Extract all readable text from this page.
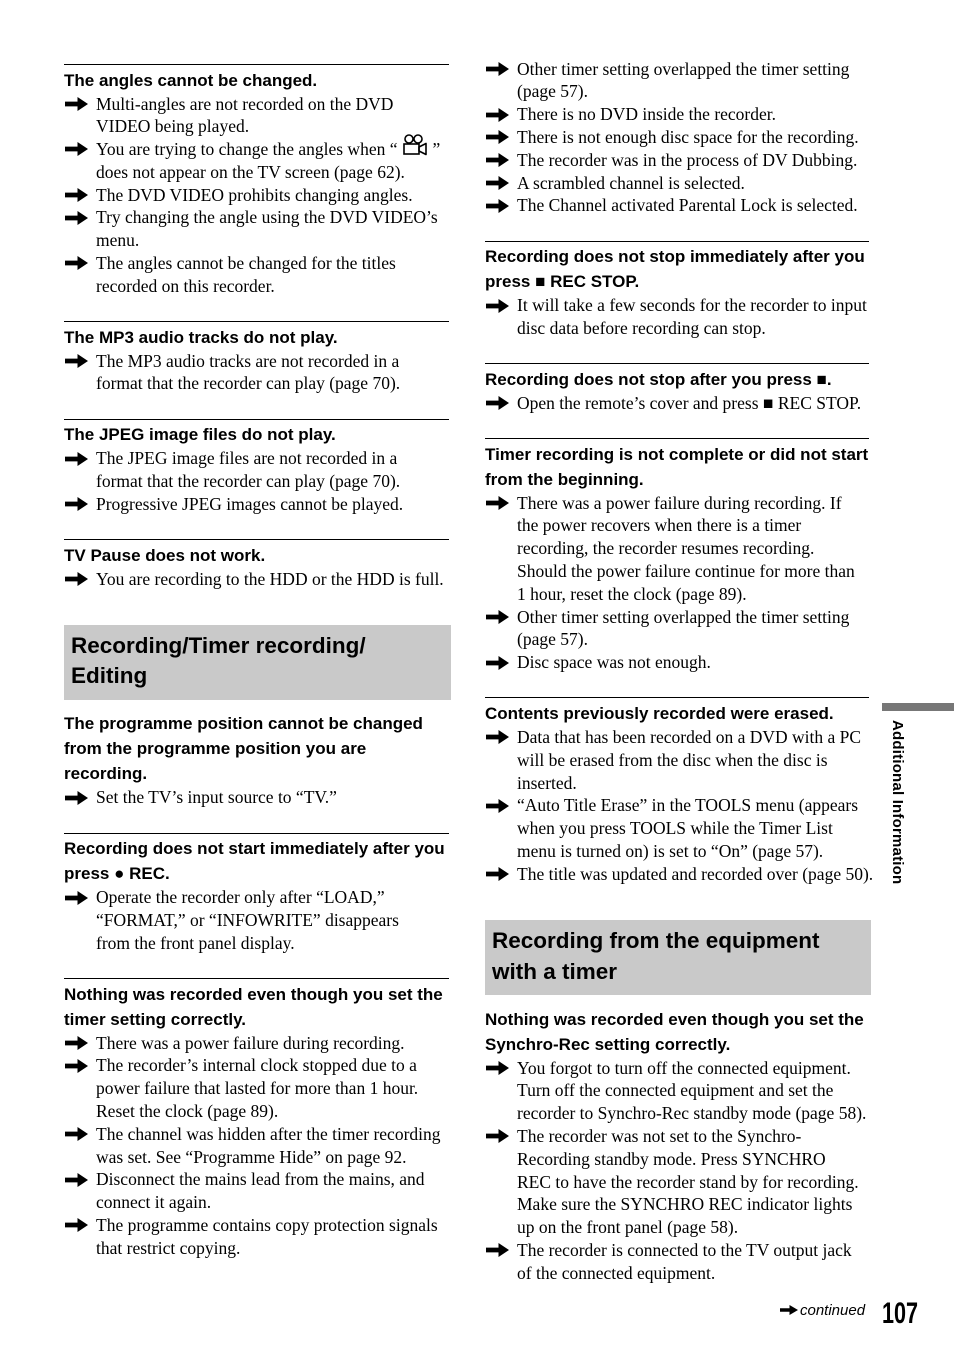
The angles cannot be changed.
Multi-angles are not recorded on the DVD
VIDEO being played.
You are trying to change the angles when “ ”
does not appear on the TV screen (page 62).
The DVD VIDEO prohibits changing angles.
Try changing the angle using the DVD VIDEO’s
menu.
The angles cannot be changed for the titles
recorded on this recorder.
The MP3 audio tracks do not play.
The MP3 audio tracks are not recorded in a
format that the recorder can play (page 70).
The JPEG image files do not play.
The JPEG image files are not recorded in a
format that the recorder can play (page 70).
Progressive JPEG images cannot be played.
TV Pause does not work.
You are recording to the HDD or the HDD is full.
Recording/Timer recording/
Editing
The programme position cannot be changed
from the programme position you are
recording.
Set the TV’s input source to “TV.”
Recording does not start immediately after you
press ● REC.
Operate the recorder only after “LOAD,”
“FORMAT,” or “INFOWRITE” disappears
from the front panel display.
Nothing was recorded even though you set the
timer setting correctly.
There was a power failure during recording.
The recorder’s internal clock stopped due to a
power failure that lasted for more than 1 hour.
Reset the clock (page 89).
The channel was hidden after the timer recording
was set. See “Programme Hide” on page 92.
Disconnect the mains lead from the mains, and
connect it again.
The programme contains copy protection signals
that restrict copying.
Other timer setting overlapped the timer setting
(page 57).
There is no DVD inside the recorder.
There is not enough disc space for the recording.
The recorder was in the process of DV Dubbing.
A scrambled channel is selected.
The Channel activated Parental Lock is selected.
Recording does not stop immediately after you
press ■ REC STOP.
It will take a few seconds for the recorder to input
disc data before recording can stop.
Recording does not stop after you press ■.
Open the remote’s cover and press ■ REC STOP.
Timer recording is not complete or did not start
from the beginning.
There was a power failure during recording. If
the power recovers when there is a timer
recording, the recorder resumes recording.
Should the power failure continue for more than
1 hour, reset the clock (page 89).
Other timer setting overlapped the timer setting
(page 57).
Disc space was not enough.
Contents previously recorded were erased.
Data that has been recorded on a DVD with a PC
will be erased from the disc when the disc is
inserted.
“Auto Title Erase” in the TOOLS menu (appears
when you press TOOLS while the Timer List
menu is turned on) is set to “On” (page 57).
The title was updated and recorded over (page 50).
Recording from the equipment
with a timer
Nothing was recorded even though you set the
Synchro-Rec setting correctly.
You forgot to turn off the connected equipment.
Turn off the connected equipment and set the
recorder to Synchro-Rec standby mode (page 58).
The recorder was not set to the Synchro-
Recording standby mode. Press SYNCHRO
REC to have the recorder stand by for recording.
Make sure the SYNCHRO REC indicator lights
up on the front panel (page 58).
The recorder is connected to the TV output jack
of the connected equipment.
Additional Information
continued 107
